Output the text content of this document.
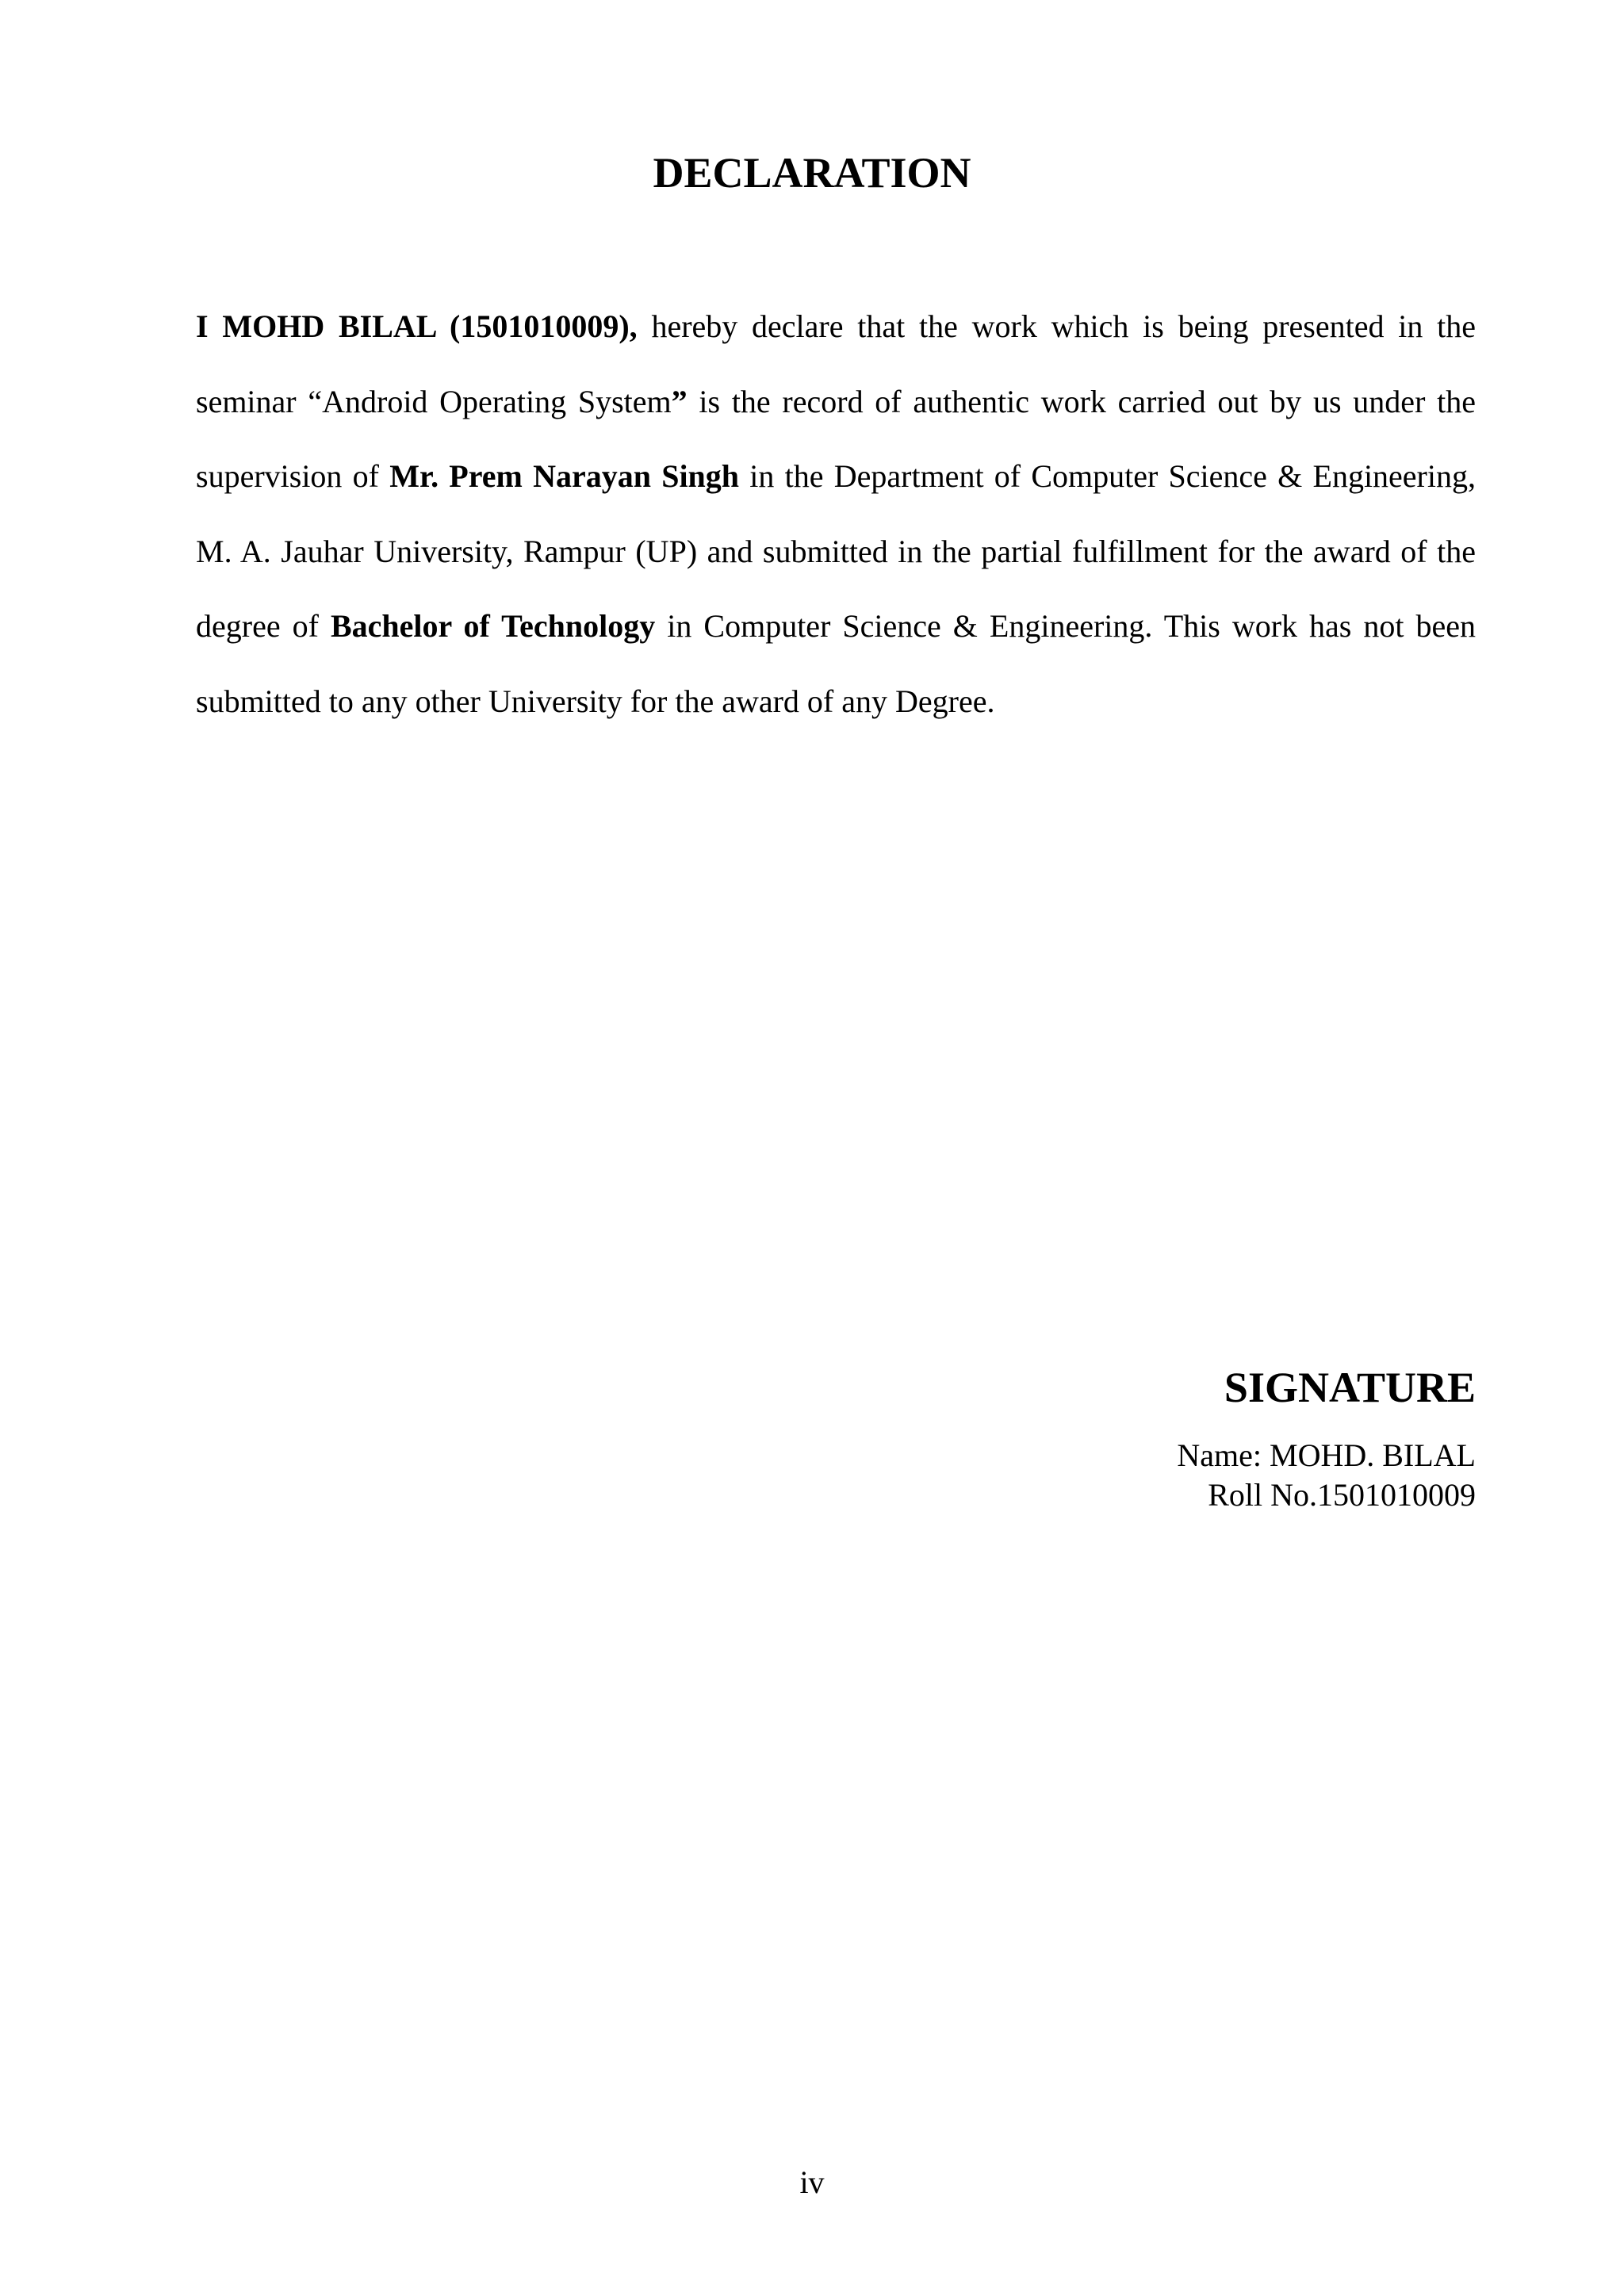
DECLARATION

I MOHD BILAL (1501010009), hereby declare that the work which is being presented in the seminar “Android Operating System” is the record of authentic work carried out by us under the supervision of Mr. Prem Narayan Singh in the Department of Computer Science & Engineering, M. A. Jauhar University, Rampur (UP) and submitted in the partial fulfillment for the award of the degree of Bachelor of Technology in Computer Science & Engineering. This work has not been submitted to any other University for the award of any Degree.

SIGNATURE

Name: MOHD. BILAL

Roll No.1501010009

iv
